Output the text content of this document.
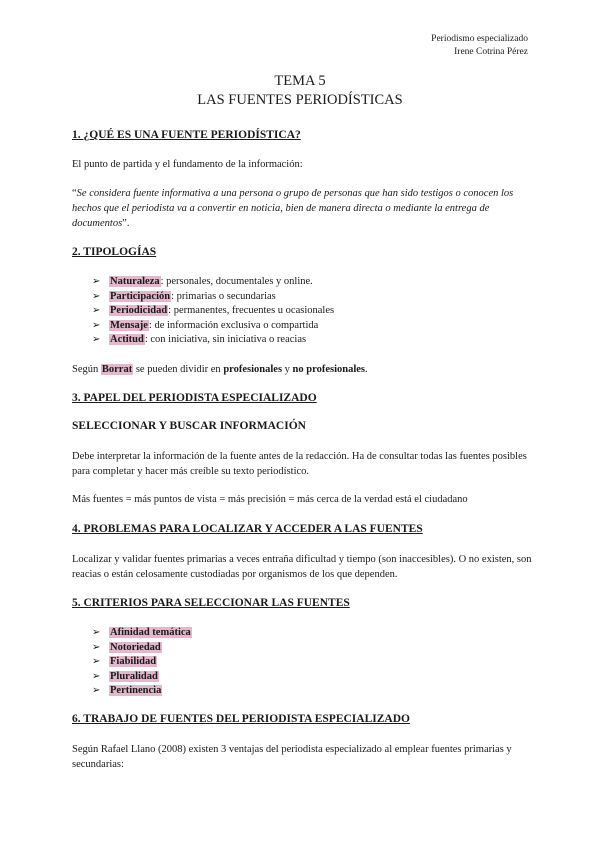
Periodismo especializado
Irene Cotrina Pérez
TEMA 5
LAS FUENTES PERIODÍSTICAS
1. ¿QUÉ ES UNA FUENTE PERIODÍSTICA?
El punto de partida y el fundamento de la información:
“Se considera fuente informativa a una persona o grupo de personas que han sido testigos o conocen los hechos que el periodista va a convertir en noticia, bien de manera directa o mediante la entrega de documentos”.
2. TIPOLOGÍAS
➢ Naturaleza: personales, documentales y online.
➢ Participación: primarias o secundarias
➢ Periodicidad: permanentes, frecuentes u ocasionales
➢ Mensaje: de información exclusiva o compartida
➢ Actitud: con iniciativa, sin iniciativa o reacias
Según Borrat se pueden dividir en profesionales y no profesionales.
3. PAPEL DEL PERIODISTA ESPECIALIZADO
SELECCIONAR Y BUSCAR INFORMACIÓN
Debe interpretar la información de la fuente antes de la redacción. Ha de consultar todas las fuentes posibles para completar y hacer más creíble su texto periodístico.
Más fuentes = más puntos de vista = más precisión = más cerca de la verdad está el ciudadano
4. PROBLEMAS PARA LOCALIZAR Y ACCEDER A LAS FUENTES
Localizar y validar fuentes primarias a veces entraña dificultad y tiempo (son inaccesibles). O no existen, son reacias o están celosamente custodiadas por organismos de los que dependen.
5. CRITERIOS PARA SELECCIONAR LAS FUENTES
➢ Afinidad temática
➢ Notoriedad
➢ Fiabilidad
➢ Pluralidad
➢ Pertinencia
6. TRABAJO DE FUENTES DEL PERIODISTA ESPECIALIZADO
Según Rafael Llano (2008) existen 3 ventajas del periodista especializado al emplear fuentes primarias y secundarias:
